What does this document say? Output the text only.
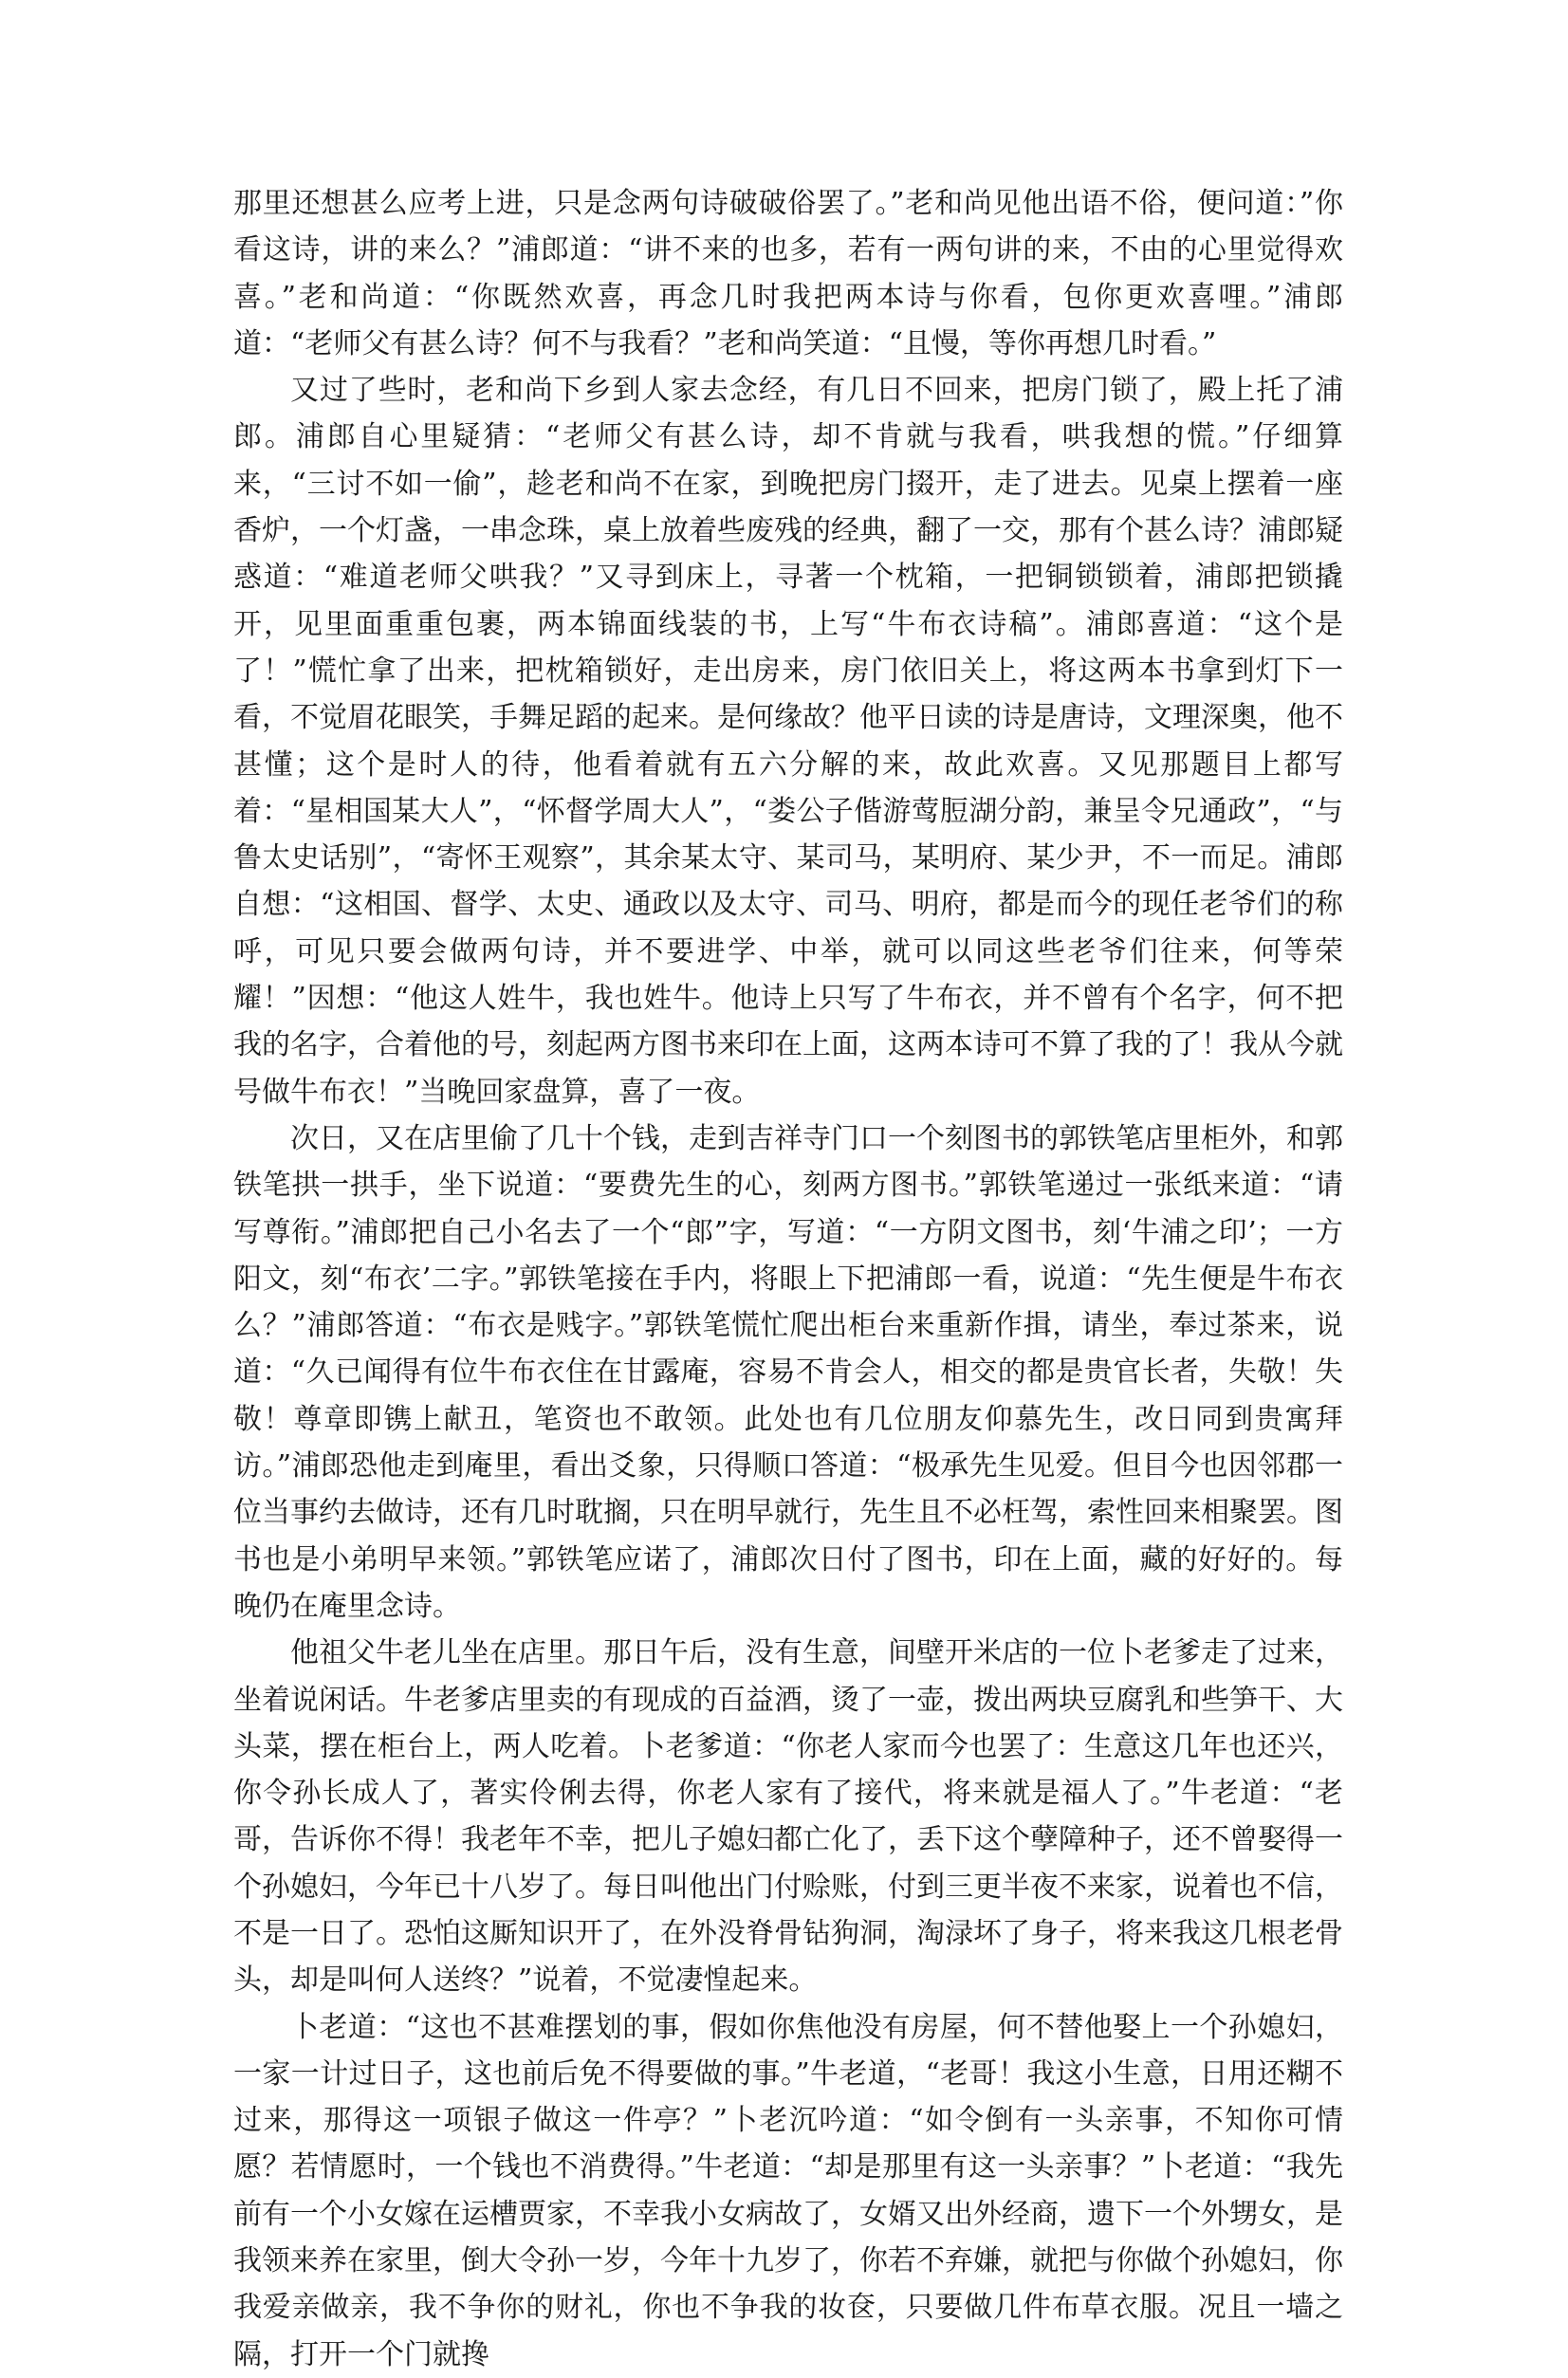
那里还想甚么应考上进，只是念两句诗破破俗罢了。”老和尚见他出语不俗，便问道：”你看这诗，讲的来么？”浦郎道：“讲不来的也多，若有一两句讲的来，不由的心里觉得欢喜。”老和尚道：“你既然欢喜，再念几时我把两本诗与你看，包你更欢喜哩。”浦郎道：“老师父有甚么诗？何不与我看？”老和尚笑道：“且慢，等你再想几时看。”

又过了些时，老和尚下乡到人家去念经，有几日不回来，把房门锁了，殿上托了浦郎。浦郎自心里疑猜：“老师父有甚么诗，却不肯就与我看，哄我想的慌。”仔细算来，“三讨不如一偷”，趁老和尚不在家，到晚把房门掇开，走了进去。见桌上摆着一座香炉，一个灯盏，一串念珠，桌上放着些废残的经典，翻了一交，那有个甚么诗？浦郎疑惑道：“难道老师父哄我？”又寻到床上，寻著一个枕箱，一把铜锁锁着，浦郎把锁撬开，见里面重重包裹，两本锦面线装的书，上写“牛布衣诗稿”。浦郎喜道：“这个是了！”慌忙拿了出来，把枕箱锁好，走出房来，房门依旧关上，将这两本书拿到灯下一看，不觉眉花眼笑，手舞足蹈的起来。是何缘故？他平日读的诗是唐诗，文理深奥，他不甚懂；这个是时人的待，他看着就有五六分解的来，故此欢喜。又见那题目上都写着：“星相国某大人”，“怀督学周大人”，“娄公子偕游莺脰湖分韵，兼呈令兄通政”，“与鲁太史话别”，“寄怀王观察”，其余某太守、某司马，某明府、某少尹，不一而足。浦郎自想：“这相国、督学、太史、通政以及太守、司马、明府，都是而今的现任老爷们的称呼，可见只要会做两句诗，并不要进学、中举，就可以同这些老爷们往来，何等荣耀！”因想：“他这人姓牛，我也姓牛。他诗上只写了牛布衣，并不曾有个名字，何不把我的名字，合着他的号，刻起两方图书来印在上面，这两本诗可不算了我的了！我从今就号做牛布衣！”当晚回家盘算，喜了一夜。

次日，又在店里偷了几十个钱，走到吉祥寺门口一个刻图书的郭铁笔店里柜外，和郭铁笔拱一拱手，坐下说道：“要费先生的心，刻两方图书。”郭铁笔递过一张纸来道：“请写尊衔。”浦郎把自己小名去了一个“郎”字，写道：“一方阴文图书，刻‘牛浦之印’；一方阳文，刻“布衣’二字。”郭铁笔接在手内，将眼上下把浦郎一看，说道：“先生便是牛布衣么？”浦郎答道：“布衣是贱字。”郭铁笔慌忙爬出柜台来重新作揖，请坐，奉过茶来，说道：“久已闻得有位牛布衣住在甘露庵，容易不肯会人，相交的都是贵官长者，失敬！失敬！尊章即镌上献丑，笔资也不敢领。此处也有几位朋友仰慕先生，改日同到贵寓拜访。”浦郎恐他走到庵里，看出爻象，只得顺口答道：“极承先生见爱。但目今也因邻郡一位当事约去做诗，还有几时耽搁，只在明早就行，先生且不必枉驾，索性回来相聚罢。图书也是小弟明早来领。”郭铁笔应诺了，浦郎次日付了图书，印在上面，藏的好好的。每晚仍在庵里念诗。

他祖父牛老儿坐在店里。那日午后，没有生意，间壁开米店的一位卜老爹走了过来，坐着说闲话。牛老爹店里卖的有现成的百益酒，烫了一壶，拨出两块豆腐乳和些笋干、大头菜，摆在柜台上，两人吃着。卜老爹道：“你老人家而今也罢了：生意这几年也还兴，你令孙长成人了，著实伶俐去得，你老人家有了接代，将来就是福人了。”牛老道：“老哥，告诉你不得！我老年不幸，把儿子媳妇都亡化了，丢下这个孽障种子，还不曾娶得一个孙媳妇，今年已十八岁了。每日叫他出门付赊账，付到三更半夜不来家，说着也不信，不是一日了。恐怕这厮知识开了，在外没脊骨钻狗洞，淘渌坏了身子，将来我这几根老骨头，却是叫何人送终？”说着，不觉凄惶起来。

卜老道：“这也不甚难摆划的事，假如你焦他没有房屋，何不替他娶上一个孙媳妇，一家一计过日子，这也前后免不得要做的事。”牛老道，“老哥！我这小生意，日用还糊不过来，那得这一项银子做这一件亭？”卜老沉吟道：“如令倒有一头亲事，不知你可情愿？若情愿时，一个钱也不消费得。”牛老道：“却是那里有这一头亲事？”卜老道：“我先前有一个小女嫁在运槽贾家，不幸我小女病故了，女婿又出外经商，遗下一个外甥女，是我领来养在家里，倒大令孙一岁，今年十九岁了，你若不弃嫌，就把与你做个孙媳妇，你我爱亲做亲，我不争你的财礼，你也不争我的妆奁，只要做几件布草衣服。况且一墙之隔，打开一个门就搀
